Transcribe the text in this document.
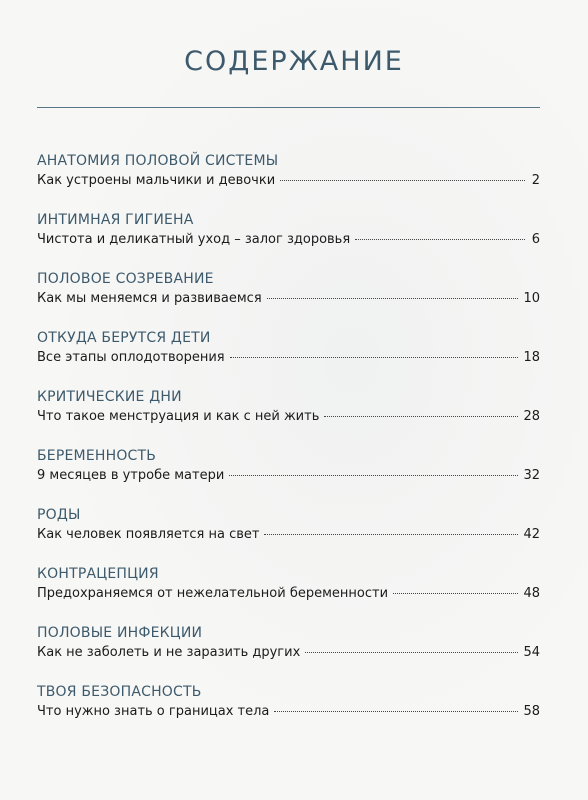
СОДЕРЖАНИЕ
АНАТОМИЯ ПОЛОВОЙ СИСТЕМЫ
Как устроены мальчики и девочки	2
ИНТИМНАЯ ГИГИЕНА
Чистота и деликатный уход – залог здоровья	6
ПОЛОВОЕ СОЗРЕВАНИЕ
Как мы меняемся и развиваемся	10
ОТКУДА БЕРУТСЯ ДЕТИ
Все этапы оплодотворения	18
КРИТИЧЕСКИЕ ДНИ
Что такое менструация и как с ней жить	28
БЕРЕМЕННОСТЬ
9 месяцев в утробе матери	32
РОДЫ
Как человек появляется на свет	42
КОНТРАЦЕПЦИЯ
Предохраняемся от нежелательной беременности	48
ПОЛОВЫЕ ИНФЕКЦИИ
Как не заболеть и не заразить других	54
ТВОЯ БЕЗОПАСНОСТЬ
Что нужно знать о границах тела	58
